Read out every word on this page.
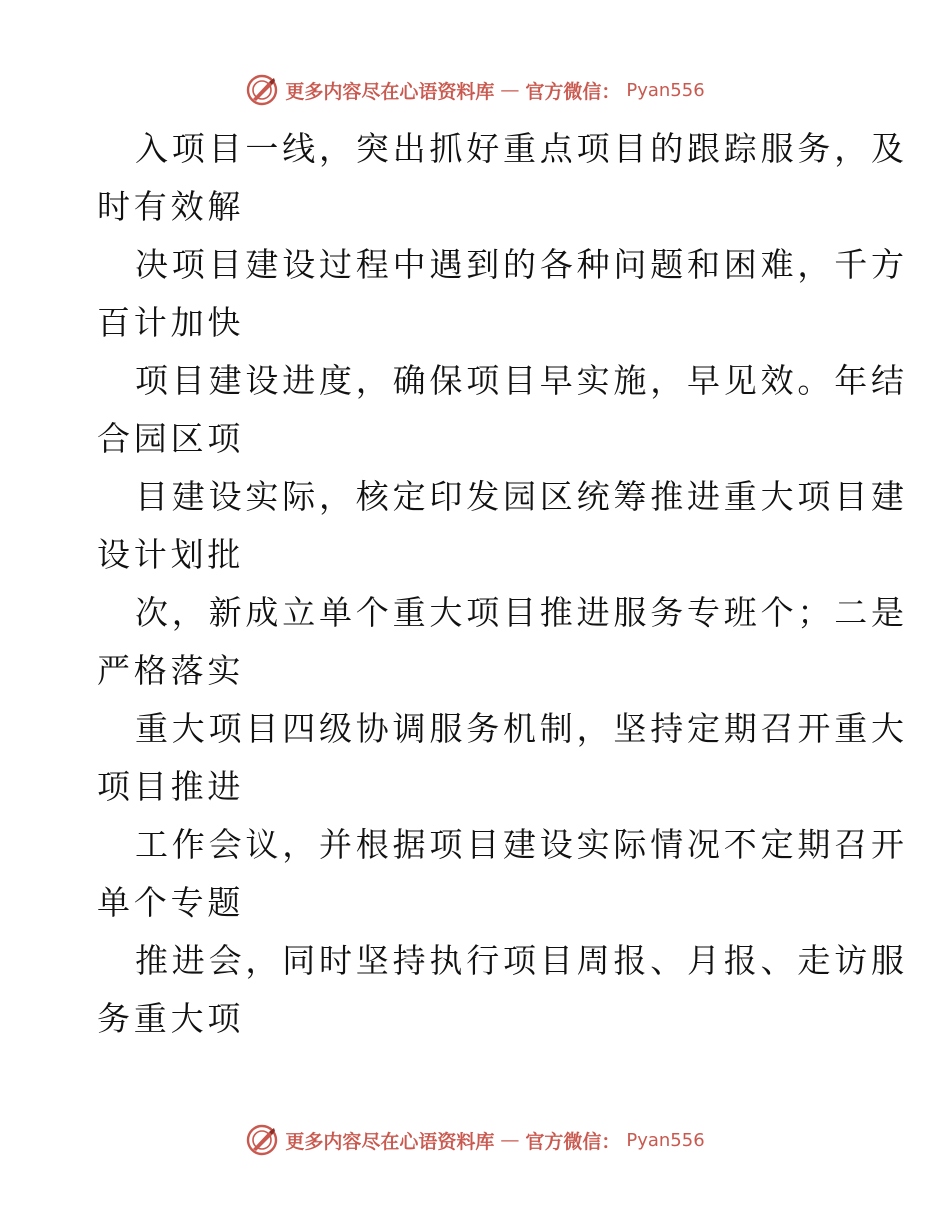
更多内容尽在心语资料库 — 官方微信： Pyan556
入项目一线，突出抓好重点项目的跟踪服务，及
时有效解
决项目建设过程中遇到的各种问题和困难，千方
百计加快
项目建设进度，确保项目早实施，早见效。年结
合园区项
目建设实际，核定印发园区统筹推进重大项目建
设计划批
次，新成立单个重大项目推进服务专班个；二是
严格落实
重大项目四级协调服务机制，坚持定期召开重大
项目推进
工作会议，并根据项目建设实际情况不定期召开
单个专题
推进会，同时坚持执行项目周报、月报、走访服
务重大项
更多内容尽在心语资料库 — 官方微信： Pyan556
